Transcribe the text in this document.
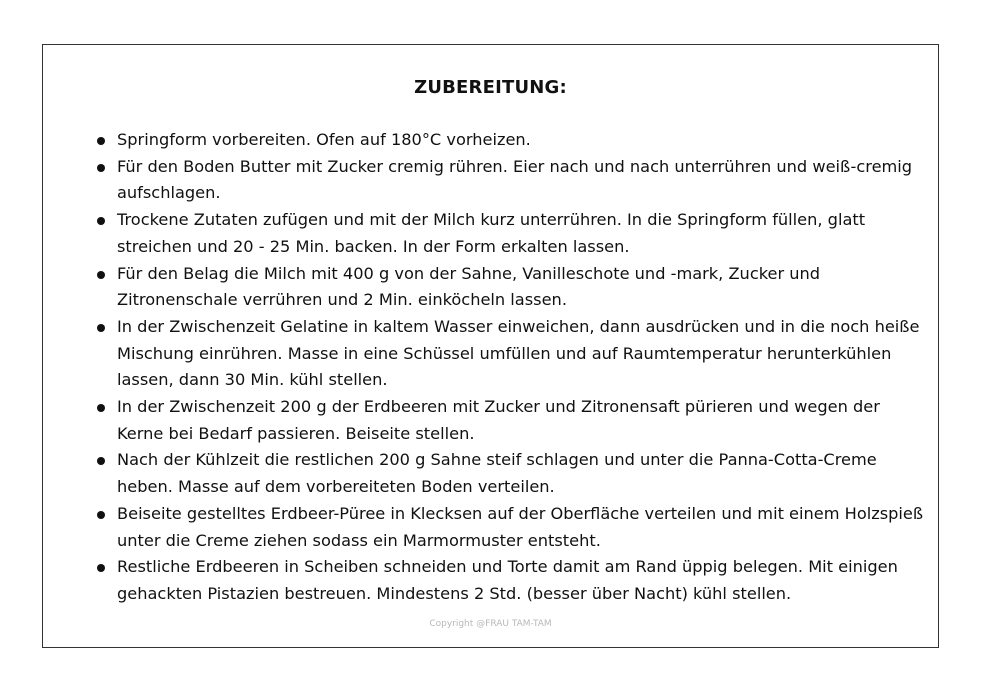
ZUBEREITUNG:
Springform vorbereiten. Ofen auf 180°C vorheizen.
Für den Boden Butter mit Zucker cremig rühren. Eier nach und nach unterrühren und weiß-cremig aufschlagen.
Trockene Zutaten zufügen und mit der Milch kurz unterrühren. In die Springform füllen, glatt streichen und 20 - 25 Min. backen. In der Form erkalten lassen.
Für den Belag die Milch mit 400 g von der Sahne, Vanilleschote und -mark, Zucker und Zitronenschale verrühren und 2 Min. einköcheln lassen.
In der Zwischenzeit Gelatine in kaltem Wasser einweichen, dann ausdrücken und in die noch heiße Mischung einrühren. Masse in eine Schüssel umfüllen und auf Raumtemperatur herunterkühlen lassen, dann 30 Min. kühl stellen.
In der Zwischenzeit 200 g der Erdbeeren mit Zucker und Zitronensaft pürieren und wegen der Kerne bei Bedarf passieren. Beiseite stellen.
Nach der Kühlzeit die restlichen 200 g Sahne steif schlagen und unter die Panna-Cotta-Creme heben. Masse auf dem vorbereiteten Boden verteilen.
Beiseite gestelltes Erdbeer-Püree in Klecksen auf der Oberfläche verteilen und mit einem Holzspieß unter die Creme ziehen sodass ein Marmormuster entsteht.
Restliche Erdbeeren in Scheiben schneiden und Torte damit am Rand üppig belegen. Mit einigen gehackten Pistazien bestreuen. Mindestens 2 Std. (besser über Nacht) kühl stellen.
Copyright @FRAU TAM-TAM
